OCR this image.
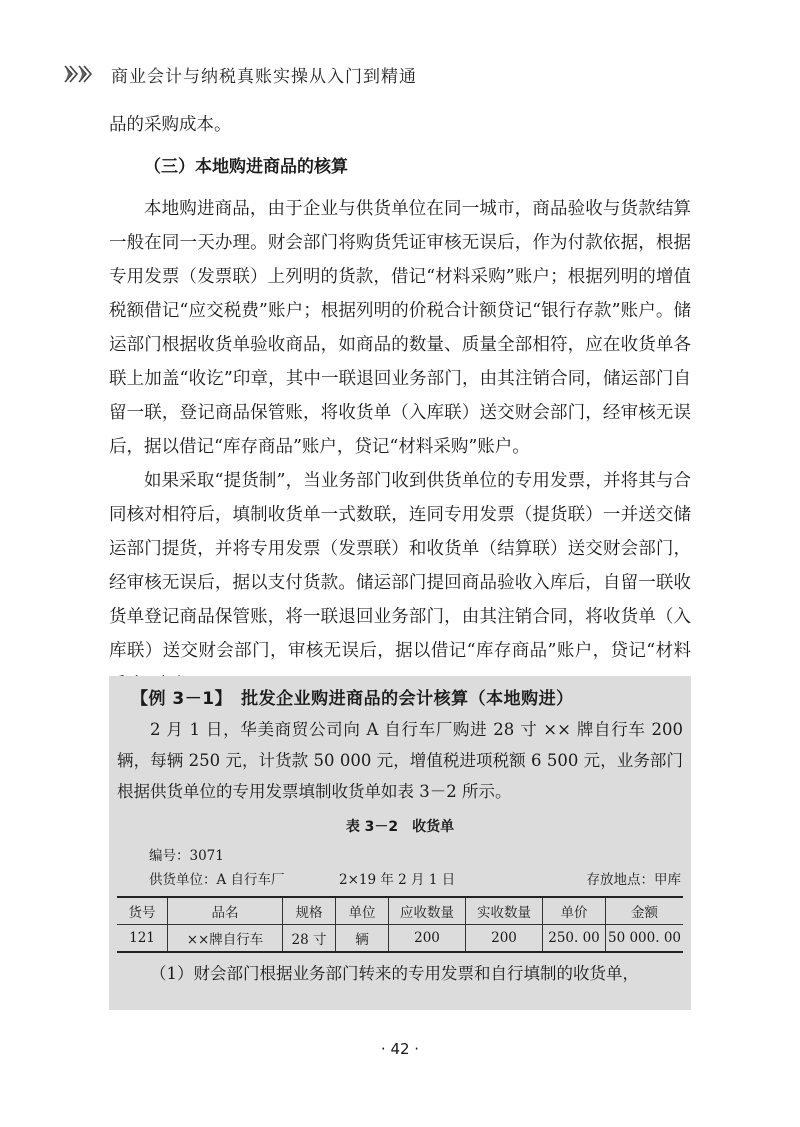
商业会计与纳税真账实操从入门到精通

品的采购成本。

（三）本地购进商品的核算

本地购进商品，由于企业与供货单位在同一城市，商品验收与货款结算一般在同一天办理。财会部门将购货凭证审核无误后，作为付款依据，根据专用发票（发票联）上列明的货款，借记“材料采购”账户；根据列明的增值税额借记“应交税费”账户；根据列明的价税合计额贷记“银行存款”账户。储运部门根据收货单验收商品，如商品的数量、质量全部相符，应在收货单各联上加盖“收讫”印章，其中一联退回业务部门，由其注销合同，储运部门自留一联，登记商品保管账，将收货单（入库联）送交财会部门，经审核无误后，据以借记“库存商品”账户，贷记“材料采购”账户。

如果采取“提货制”，当业务部门收到供货单位的专用发票，并将其与合同核对相符后，填制收货单一式数联，连同专用发票（提货联）一并送交储运部门提货，并将专用发票（发票联）和收货单（结算联）送交财会部门，经审核无误后，据以支付货款。储运部门提回商品验收入库后，自留一联收货单登记商品保管账，将一联退回业务部门，由其注销合同，将收货单（入库联）送交财会部门，审核无误后，据以借记“库存商品”账户，贷记“材料

【例 3－1】　批发企业购进商品的会计核算（本地购进）

2 月 1 日，华美商贸公司向 A 自行车厂购进 28 寸 ×× 牌自行车 200 辆，每辆 250 元，计货款 50 000 元，增值税进项税额 6 500 元，业务部门根据供货单位的专用发票填制收货单如表 3－2 所示。

表 3－2　收货单
编号：3071
供货单位：A 自行车厂	2×19 年 2 月 1 日	存放地点：甲库
货号	品名	规格	单位	应收数量	实收数量	单价	金额
121	××牌自行车	28 寸	辆	200	200	250. 00	50 000. 00

（1）财会部门根据业务部门转来的专用发票和自行填制的收货单，

· 42 ·
